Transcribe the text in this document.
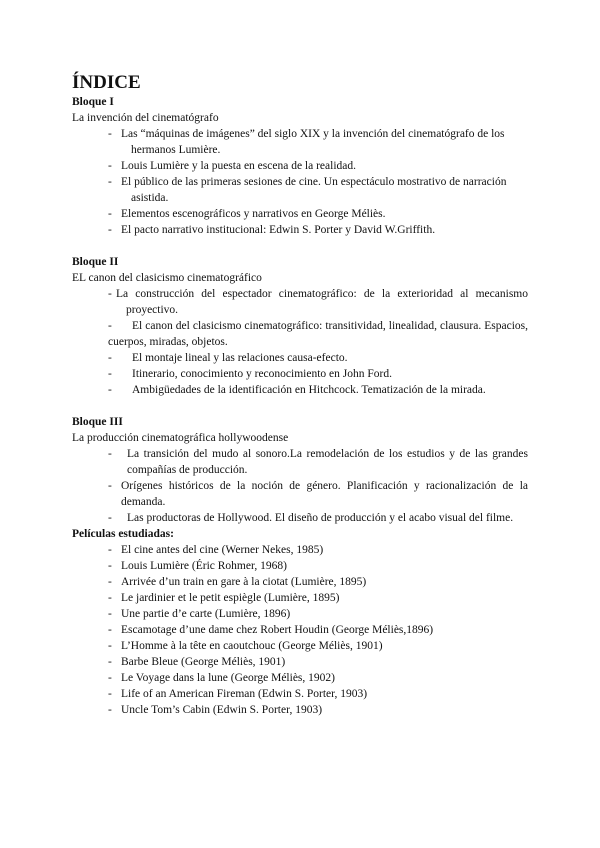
ÍNDICE

Bloque I

La invención del cinematógrafo

- Las “máquinas de imágenes” del siglo XIX y la invención del cinematógrafo de los hermanos Lumière.
- Louis Lumière y la puesta en escena de la realidad.
- El público de las primeras sesiones de cine. Un espectáculo mostrativo de narración asistida.
- Elementos escenográficos y narrativos en George Méliès.
- El pacto narrativo institucional: Edwin S. Porter y David W.Griffith.

Bloque II

EL canon del clasicismo cinematográfico

- La construcción del espectador cinematográfico: de la exterioridad al mecanismo proyectivo.
-	El canon del clasicismo cinematográfico: transitividad, linealidad, clausura. Espacios, cuerpos, miradas, objetos.
- El montaje lineal y las relaciones causa-efecto.
- Itinerario, conocimiento y reconocimiento en John Ford.
- Ambigüedades de la identificación en Hitchcock. Tematización de la mirada.

Bloque III

La producción cinematográfica hollywoodense

- La transición del mudo al sonoro.La remodelación de los estudios y de las grandes compañías de producción.
- Orígenes históricos de la noción de género. Planificación y racionalización de la demanda.
- Las productoras de Hollywood. El diseño de producción y el acabo visual del filme.

Películas estudiadas:

- El cine antes del cine (Werner Nekes, 1985)
- Louis Lumière (Éric Rohmer, 1968)
- Arrivée d’un train en gare à la ciotat (Lumière, 1895)
- Le jardinier et le petit espiègle (Lumière, 1895)
- Une partie d’e carte (Lumière, 1896)
- Escamotage d’une dame chez Robert Houdin (George Méliès,1896)
- L’Homme à la tête en caoutchouc (George Méliès, 1901)
- Barbe Bleue (George Méliès, 1901)
- Le Voyage dans la lune (George Méliès, 1902)
- Life of an American Fireman (Edwin S. Porter, 1903)
- Uncle Tom’s Cabin (Edwin S. Porter, 1903)
